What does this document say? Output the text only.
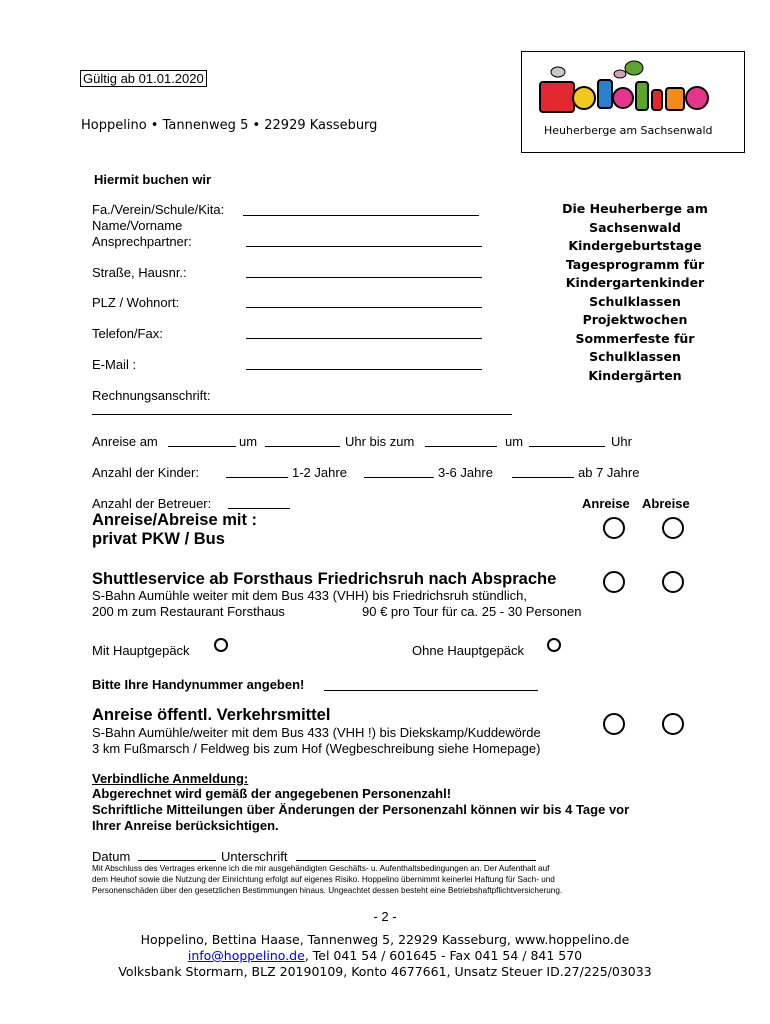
Gültig ab 01.01.2020
Hoppelino • Tannenweg 5 • 22929 Kasseburg	Heuherberge am Sachsenwald
Hiermit buchen wir
Fa./Verein/Schule/Kita:
Name/Vorname
Ansprechpartner:
Straße, Hausnr.:
PLZ / Wohnort:
Telefon/Fax:
E-Mail :
Rechnungsanschrift:
Anreise am	um	Uhr bis zum	um	Uhr
Anzahl der Kinder:	1-2 Jahre	3-6 Jahre	ab 7 Jahre
Anzahl der Betreuer:	Anreise Abreise
Die Heuherberge am
Sachsenwald
Kindergeburtstage
Tagesprogramm für
Kindergartenkinder
Schulklassen
Projektwochen
Sommerfeste für
Schulklassen
Kindergärten
Anreise/Abreise mit :
privat PKW / Bus
Shuttleservice ab Forsthaus Friedrichsruh nach Absprache
S-Bahn Aumühle weiter mit dem Bus 433 (VHH) bis Friedrichsruh stündlich,
200 m zum Restaurant Forsthaus	90 € pro Tour für ca. 25 - 30 Personen
Mit Hauptgepäck	Ohne Hauptgepäck
Bitte Ihre Handynummer angeben!
Anreise öffentl. Verkehrsmittel
S-Bahn Aumühle/weiter mit dem Bus 433 (VHH !) bis Diekskamp/Kuddewörde
3 km Fußmarsch / Feldweg bis zum Hof (Wegbeschreibung siehe Homepage)
Verbindliche Anmeldung:
Abgerechnet wird gemäß der angegebenen Personenzahl!
Schriftliche Mitteilungen über Änderungen der Personenzahl können wir bis 4 Tage vor
Ihrer Anreise berücksichtigen.
Datum	Unterschrift
Mit Abschluss des Vertrages erkenne ich die mir ausgehändigten Geschäfts- u. Aufenthaltsbedingungen an. Der Aufenthalt auf
dem Heuhof sowie die Nutzung der Einrichtung erfolgt auf eigenes Risiko. Hoppelino übernimmt keinerlei Haftung für Sach- und
Personenschäden über den gesetzlichen Bestimmungen hinaus. Ungeachtet dessen besteht eine Betriebshaftpflichtversicherung.
- 2 -
Hoppelino, Bettina Haase, Tannenweg 5, 22929 Kasseburg, www.hoppelino.de
info@hoppelino.de, Tel 041 54 / 601645 - Fax 041 54 / 841 570
Volksbank Stormarn, BLZ 20190109, Konto 4677661, Unsatz Steuer ID.27/225/03033
